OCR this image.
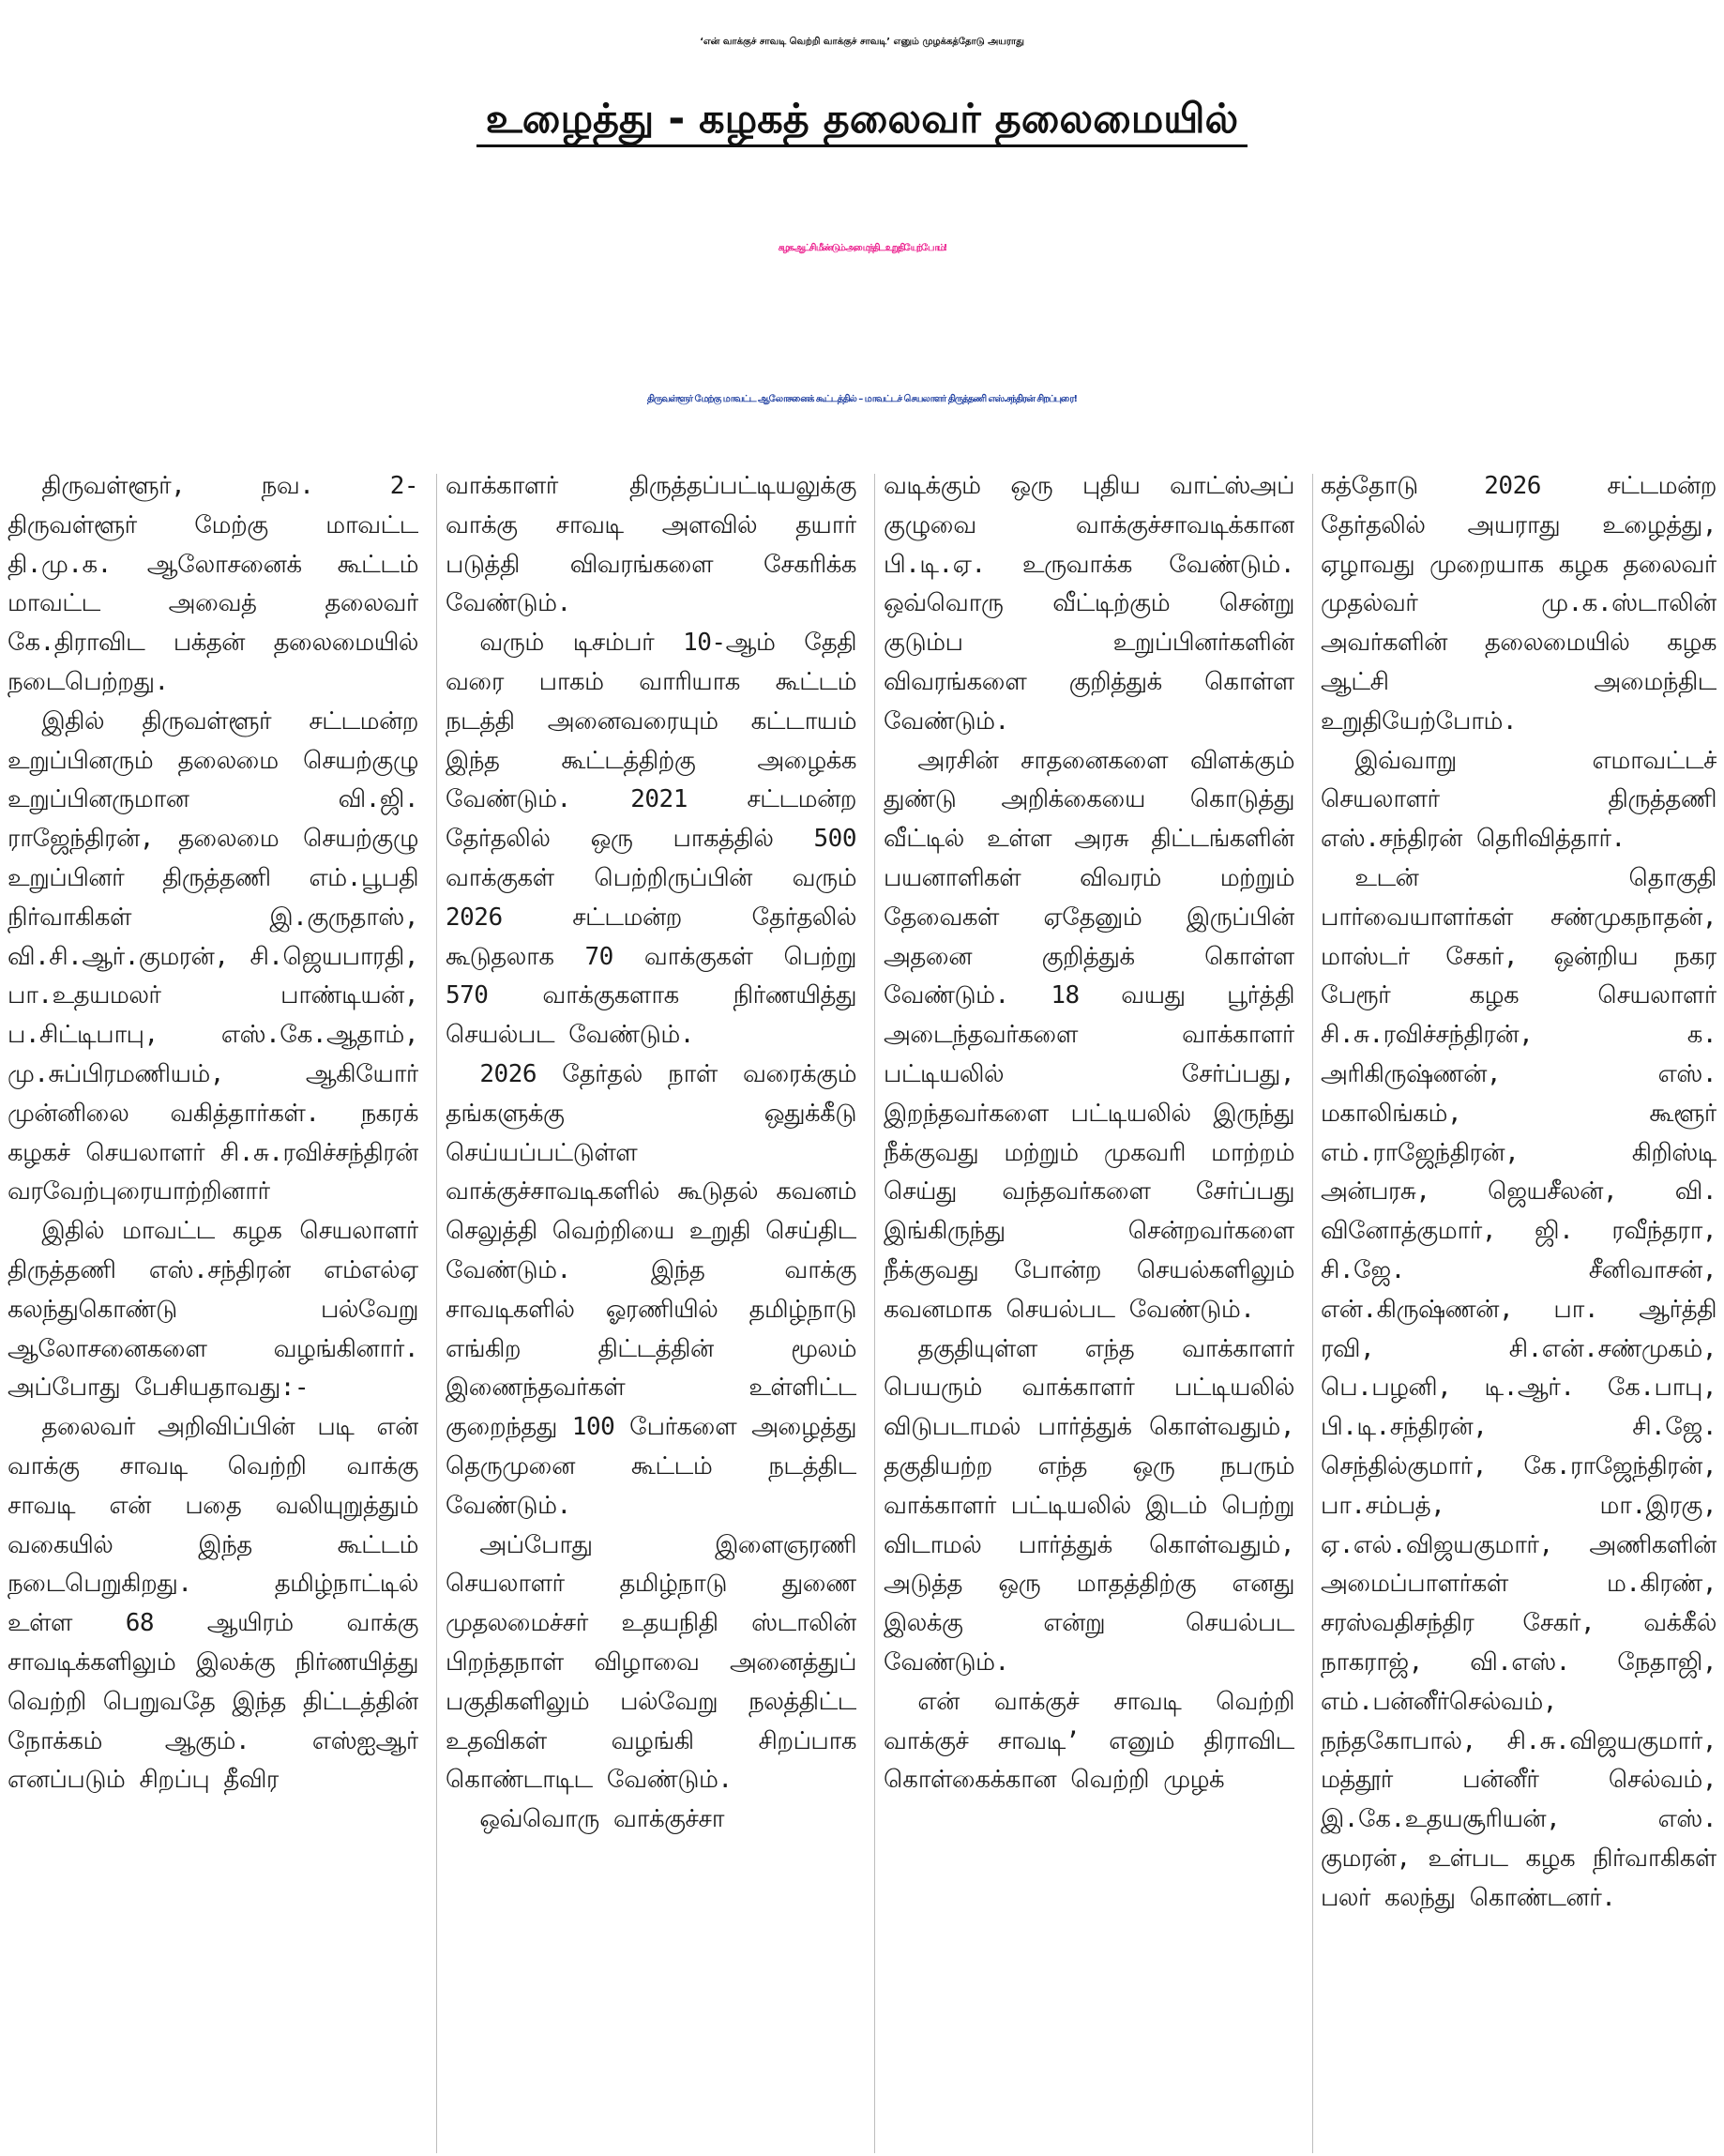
‘என் வாக்குச் சாவடி வெற்றி வாக்குச் சாவடி’ எனும் முழக்கத்தோடு அயராது
உழைத்து - கழகத் தலைவர் தலைமையில்
கழக ஆட்சி மீண்டும் அமைந்திட உறுதியேற்போம்!
திருவள்ளூர் மேற்கு மாவட்ட ஆலோசனைக் கூட்டத்தில் – மாவட்டச் செயலாளர் திருத்தணி எஸ்.சந்திரன் சிறப்புரை!

திருவள்ளூர், நவ. 2- திருவள்ளூர் மேற்கு மாவட்ட தி.மு.க. ஆலோசனைக் கூட்டம் மாவட்ட அவைத் தலைவர் கே.திராவிட பக்தன் தலைமையில் நடைபெற்றது.

இதில் திருவள்ளூர் சட்டமன்ற உறுப்பினரும் தலைமை செயற்குழு உறுப்பினருமான வி.ஜி. ராஜேந்திரன், தலைமை செயற்குழு உறுப்பினர் திருத்தணி எம்.பூபதி நிர்வாகிகள் இ.குருதாஸ், வி.சி.ஆர்.குமரன், சி.ஜெயபாரதி, பா.உதயமலர் பாண்டியன், ப.சிட்டிபாபு, எஸ்.கே.ஆதாம், மு.சுப்பிரமணியம், ஆகியோர் முன்னிலை வகித்தார்கள். நகரக் கழகச் செயலாளர் சி.சு.ரவிச்சந்திரன் வரவேற்புரையாற்றினார்

இதில் மாவட்ட கழக செயலாளர் திருத்தணி எஸ்.சந்திரன் எம்எல்ஏ கலந்துகொண்டு பல்வேறு ஆலோசனைகளை வழங்கினார். அப்போது பேசியதாவது:-

தலைவர் அறிவிப்பின் படி என் வாக்கு சாவடி வெற்றி வாக்கு சாவடி என் பதை வலியுறுத்தும் வகையில் இந்த கூட்டம் நடைபெறுகிறது. தமிழ்நாட்டில் உள்ள 68 ஆயிரம் வாக்கு சாவடிக்களிலும் இலக்கு நிர்ணயித்து வெற்றி பெறுவதே இந்த திட்டத்தின் நோக்கம் ஆகும். எஸ்ஐஆர் எனப்படும் சிறப்பு தீவிர

வாக்காளர் திருத்தப்பட்டியலுக்கு வாக்கு சாவடி அளவில் தயார் படுத்தி விவரங்களை சேகரிக்க வேண்டும்.

வரும் டிசம்பர் 10-ஆம் தேதி வரை பாகம் வாரியாக கூட்டம் நடத்தி அனைவரையும் கட்டாயம் இந்த கூட்டத்திற்கு அழைக்க வேண்டும். 2021 சட்டமன்ற தேர்தலில் ஒரு பாகத்தில் 500 வாக்குகள் பெற்றிருப்பின் வரும் 2026 சட்டமன்ற தேர்தலில் கூடுதலாக 70 வாக்குகள் பெற்று 570 வாக்குகளாக நிர்ணயித்து செயல்பட வேண்டும்.

2026 தேர்தல் நாள் வரைக்கும் தங்களுக்கு ஒதுக்கீடு செய்யப்பட்டுள்ள வாக்குச்சாவடிகளில் கூடுதல் கவனம் செலுத்தி வெற்றியை உறுதி செய்திட வேண்டும். இந்த வாக்கு சாவடிகளில் ஓரணியில் தமிழ்நாடு எங்கிற திட்டத்தின் மூலம் இணைந்தவர்கள் உள்ளிட்ட குறைந்தது 100 பேர்களை அழைத்து தெருமுனை கூட்டம் நடத்திட வேண்டும்.

அப்போது இளைஞரணி செயலாளர் தமிழ்நாடு துணை முதலமைச்சர் உதயநிதி ஸ்டாலின் பிறந்தநாள் விழாவை அனைத்துப் பகுதிகளிலும் பல்வேறு நலத்திட்ட உதவிகள் வழங்கி சிறப்பாக கொண்டாடிட வேண்டும்.

ஒவ்வொரு வாக்குச்சா

வடிக்கும் ஒரு புதிய வாட்ஸ்அப் குழுவை வாக்குச்சாவடிக்கான பி.டி.ஏ. உருவாக்க வேண்டும். ஒவ்வொரு வீட்டிற்கும் சென்று குடும்ப உறுப்பினர்களின் விவரங்களை குறித்துக் கொள்ள வேண்டும்.

அரசின் சாதனைகளை விளக்கும் துண்டு அறிக்கையை கொடுத்து வீட்டில் உள்ள அரசு திட்டங்களின் பயனாளிகள் விவரம் மற்றும் தேவைகள் ஏதேனும் இருப்பின் அதனை குறித்துக் கொள்ள வேண்டும். 18 வயது பூர்த்தி அடைந்தவர்களை வாக்காளர் பட்டியலில் சேர்ப்பது, இறந்தவர்களை பட்டியலில் இருந்து நீக்குவது மற்றும் முகவரி மாற்றம் செய்து வந்தவர்களை சேர்ப்பது இங்கிருந்து சென்றவர்களை நீக்குவது போன்ற செயல்களிலும் கவனமாக செயல்பட வேண்டும்.

தகுதியுள்ள எந்த வாக்காளர் பெயரும் வாக்காளர் பட்டியலில் விடுபடாமல் பார்த்துக் கொள்வதும், தகுதியற்ற எந்த ஒரு நபரும் வாக்காளர் பட்டியலில் இடம் பெற்று விடாமல் பார்த்துக் கொள்வதும், அடுத்த ஒரு மாதத்திற்கு எனது இலக்கு என்று செயல்பட வேண்டும்.

என் வாக்குச் சாவடி வெற்றி வாக்குச் சாவடி’ எனும் திராவிட கொள்கைக்கான வெற்றி முழக்

கத்தோடு 2026 சட்டமன்ற தேர்தலில் அயராது உழைத்து, ஏழாவது முறையாக கழக தலைவர் முதல்வர் மு.க.ஸ்டாலின் அவர்களின் தலைமையில் கழக ஆட்சி அமைந்திட உறுதியேற்போம்.

இவ்வாறு எமாவட்டச் செயலாளர் திருத்தணி எஸ்.சந்திரன் தெரிவித்தார்.

உடன் தொகுதி பார்வையாளர்கள் சண்முகநாதன், மாஸ்டர் சேகர், ஒன்றிய நகர பேரூர் கழக செயலாளர் சி.சு.ரவிச்சந்திரன், க. அரிகிருஷ்ணன், எஸ். மகாலிங்கம், கூளூர் எம்.ராஜேந்திரன், கிறிஸ்டி அன்பரசு, ஜெயசீலன், வி. வினோத்குமார், ஜி. ரவீந்தரா, சி.ஜே. சீனிவாசன், என்.கிருஷ்ணன், பா. ஆர்த்தி ரவி, சி.என்.சண்முகம், பெ.பழனி, டி.ஆர். கே.பாபு, பி.டி.சந்திரன், சி.ஜே. செந்தில்குமார், கே.ராஜேந்திரன், பா.சம்பத், மா.இரகு, ஏ.எல்.விஜயகுமார், அணிகளின் அமைப்பாளர்கள் ம.கிரண், சரஸ்வதிசந்திர சேகர், வக்கீல் நாகராஜ், வி.எஸ். நேதாஜி, எம்.பன்னீர்செல்வம், நந்தகோபால், சி.சு.விஜயகுமார், மத்தூர் பன்னீர் செல்வம், இ.கே.உதயசூரியன், எஸ். குமரன், உள்பட கழக நிர்வாகிகள் பலர் கலந்து கொண்டனர்.
